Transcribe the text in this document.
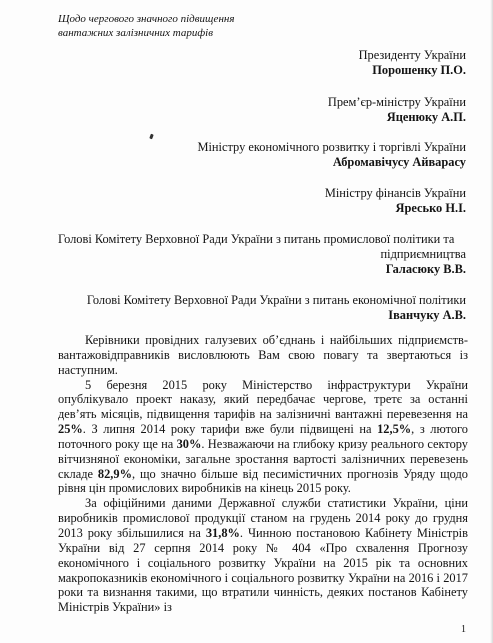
Щодо чергового значного підвищення
вантажних залізничних тарифів
Президенту України
Порошенку П.О.
Прем’єр-міністру України
Яценюку А.П.
Міністру економічного розвитку і торгівлі України
Абромавічусу Айварасу
Міністру фінансів України
Яресько Н.І.
Голові Комітету Верховної Ради України з питань промислової політики та
підприємництва
Галасюку В.В.
Голові Комітету Верховної Ради України з питань економічної політики
Іванчуку А.В.

Керівники провідних галузевих об’єднань і найбільших підприємств-вантажовідправників висловлюють Вам свою повагу та звертаються із наступним.

5 березня 2015 року Міністерство інфраструктури України опублікувало проект наказу, який передбачає чергове, третє за останні дев’ять місяців, підвищення тарифів на залізничні вантажні перевезення на 25%. З липня 2014 року тарифи вже були підвищені на 12,5%, з лютого поточного року ще на 30%. Незважаючи на глибоку кризу реального сектору вітчизняної економіки, загальне зростання вартості залізничних перевезень складе 82,9%, що значно більше від песимістичних прогнозів Уряду щодо рівня цін промислових виробників на кінець 2015 року.

За офіційними даними Державної служби статистики України, ціни виробників промислової продукції станом на грудень 2014 року до грудня 2013 року збільшилися на 31,8%. Чинною постановою Кабінету Міністрів України від 27 серпня 2014 року № 404 «Про схвалення Прогнозу економічного і соціального розвитку України на 2015 рік та основних макропоказників економічного і соціального розвитку України на 2016 і 2017 роки та визнання такими, що втратили чинність, деяких постанов Кабінету Міністрів України» із

1
